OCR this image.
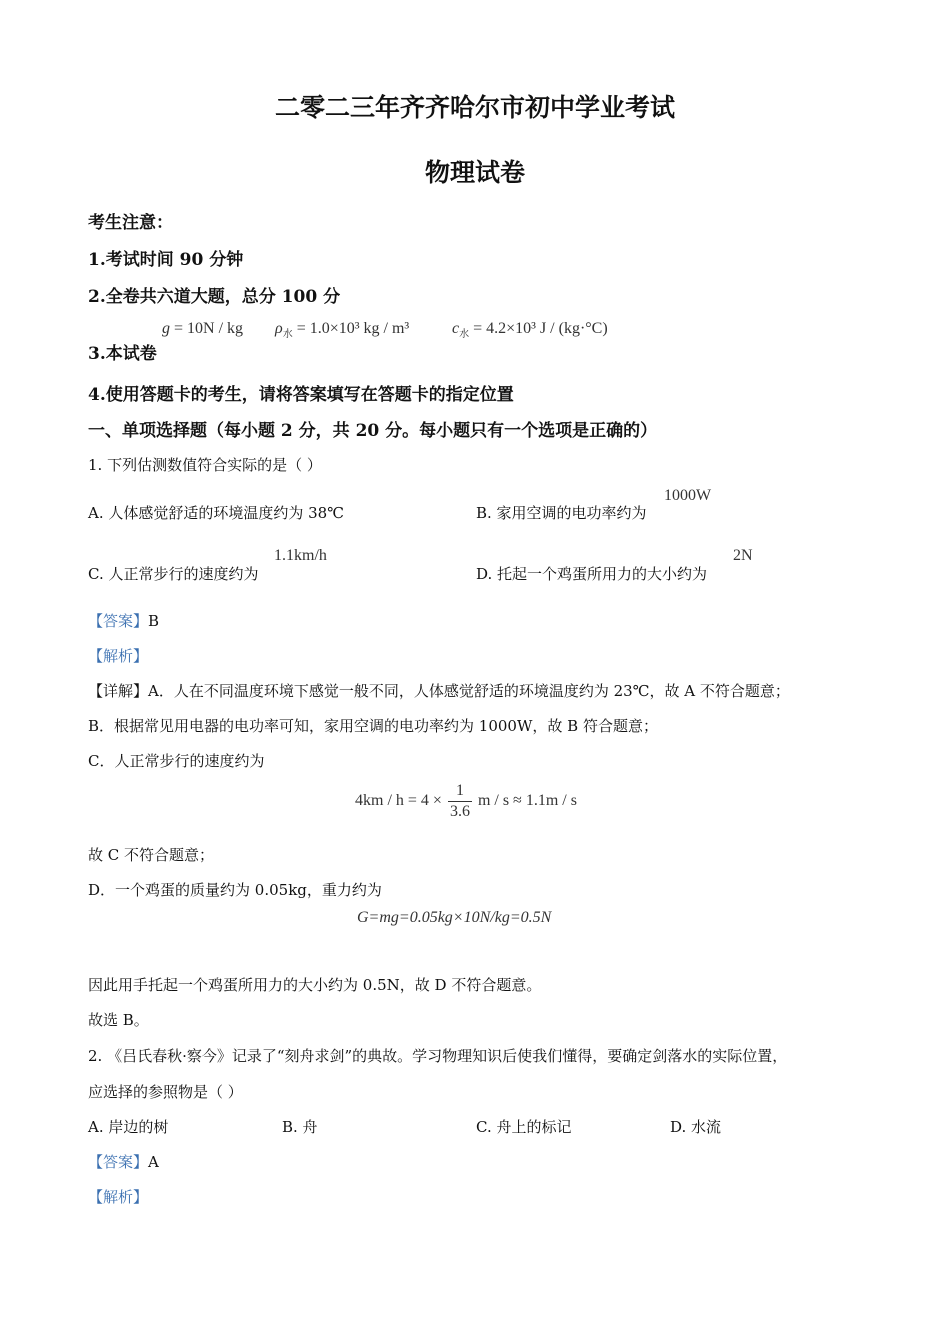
二零二三年齐齐哈尔市初中学业考试
物理试卷
考生注意：
1.考试时间 90 分钟
2.全卷共六道大题，总分 100 分
3.本试卷
g = 10N / kg $\rho_水 = 1.0\times 10^3$ kg / m³	$c_水 = 4.2\times 10^3$ J / (kg·°C)
4.使用答题卡的考生，请将答案填写在答题卡的指定位置
一、单项选择题（每小题 2 分，共 20 分。每小题只有一个选项是正确的）
1. 下列估测数值符合实际的是（ ）
A. 人体感觉舒适的环境温度约为 38℃	B. 家用空调的电功率约为
1000W
C. 人正常步行的速度约为
1.1km/h
D. 托起一个鸡蛋所用力的大小约为
2N
【答案】B
【解析】
【详解】A．人在不同温度环境下感觉一般不同，人体感觉舒适的环境温度约为 23℃，故 A 不符合题意；
B．根据常见用电器的电功率可知，家用空调的电功率约为 1000W，故 B 符合题意；
C．人正常步行的速度约为
$4km / h = 4 \times \frac{1}{3.6}$ m / s ≈ 1.1m / s
故 C 不符合题意；
D．一个鸡蛋的质量约为 0.05kg，重力约为
G=mg=0.05kg×10N/kg=0.5N
因此用手托起一个鸡蛋所用力的大小约为 0.5N，故 D 不符合题意。
故选 B。
2. 《吕氏春秋·察今》记录了“刻舟求剑”的典故。学习物理知识后使我们懂得，要确定剑落水的实际位置，
应选择的参照物是（ ）
A. 岸边的树	B. 舟	C. 舟上的标记	D. 水流
【答案】A
【解析】
